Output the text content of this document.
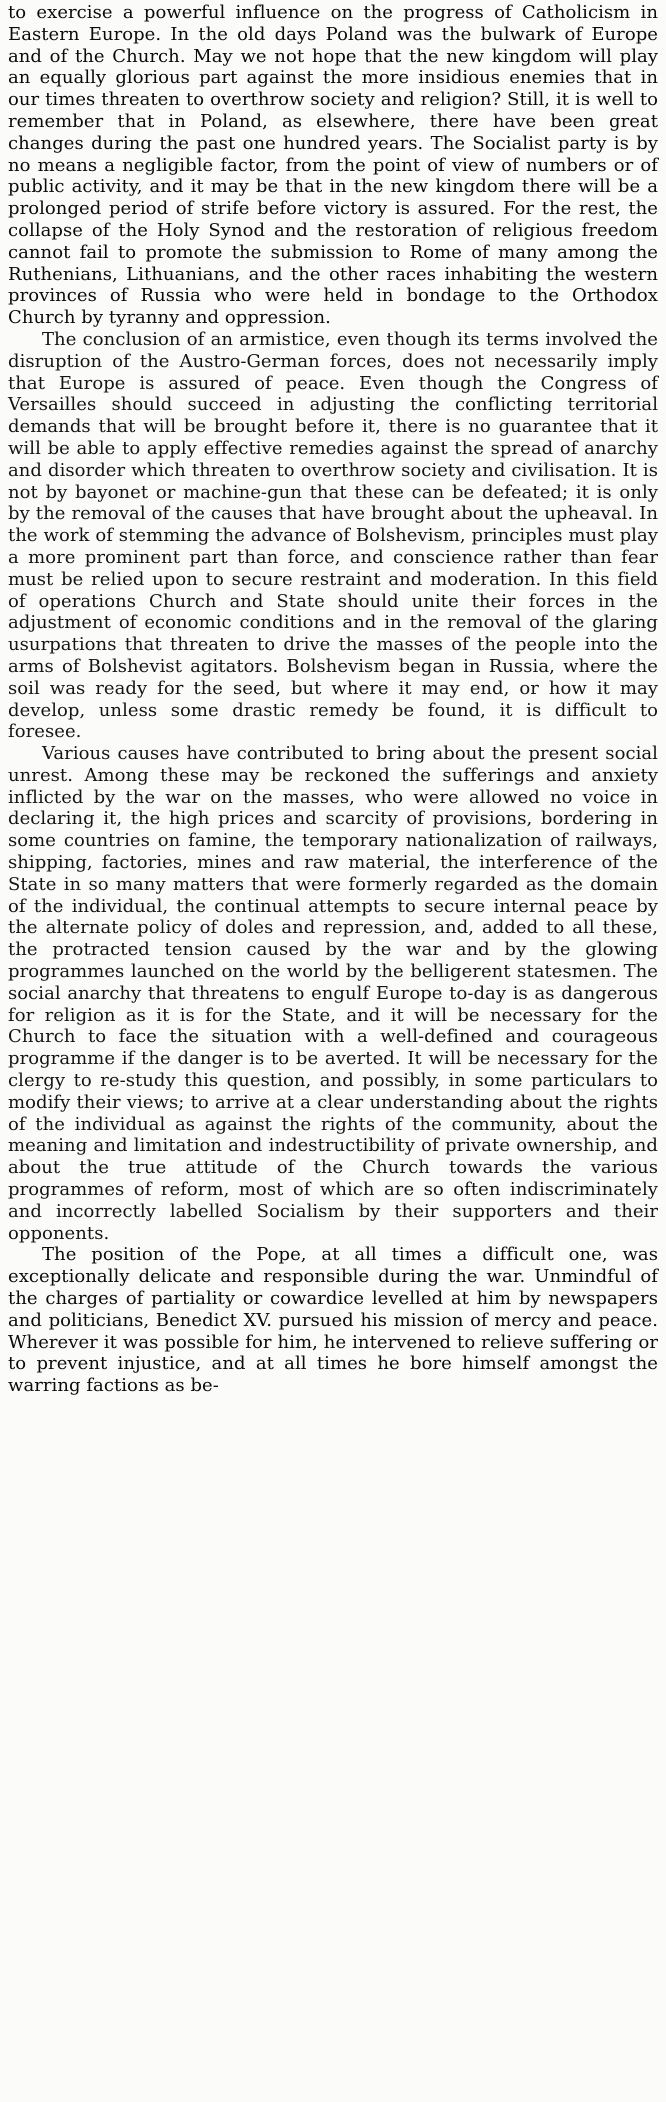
to exercise a powerful influence on the progress of Catholicism in Eastern Europe. In the old days Poland was the bulwark of Europe and of the Church. May we not hope that the new kingdom will play an equally glorious part against the more insidious enemies that in our times threaten to overthrow society and religion? Still, it is well to remember that in Poland, as elsewhere, there have been great changes during the past one hundred years. The Socialist party is by no means a negligible factor, from the point of view of numbers or of public activity, and it may be that in the new kingdom there will be a prolonged period of strife before victory is assured. For the rest, the collapse of the Holy Synod and the restoration of religious freedom cannot fail to promote the submission to Rome of many among the Ruthenians, Lithuanians, and the other races inhabiting the western provinces of Russia who were held in bondage to the Orthodox Church by tyranny and oppression.

The conclusion of an armistice, even though its terms involved the disruption of the Austro-German forces, does not necessarily imply that Europe is assured of peace. Even though the Congress of Versailles should succeed in adjusting the conflicting territorial demands that will be brought before it, there is no guarantee that it will be able to apply effective remedies against the spread of anarchy and disorder which threaten to overthrow society and civilisation. It is not by bayonet or machine-gun that these can be defeated; it is only by the removal of the causes that have brought about the upheaval. In the work of stemming the advance of Bolshevism, principles must play a more prominent part than force, and conscience rather than fear must be relied upon to secure restraint and moderation. In this field of operations Church and State should unite their forces in the adjustment of economic conditions and in the removal of the glaring usurpations that threaten to drive the masses of the people into the arms of Bolshevist agitators. Bolshevism began in Russia, where the soil was ready for the seed, but where it may end, or how it may develop, unless some drastic remedy be found, it is difficult to foresee.

Various causes have contributed to bring about the present social unrest. Among these may be reckoned the sufferings and anxiety inflicted by the war on the masses, who were allowed no voice in declaring it, the high prices and scarcity of provisions, bordering in some countries on famine, the temporary nationalization of railways, shipping, factories, mines and raw material, the interference of the State in so many matters that were formerly regarded as the domain of the individual, the continual attempts to secure internal peace by the alternate policy of doles and repression, and, added to all these, the protracted tension caused by the war and by the glowing programmes launched on the world by the belligerent statesmen. The social anarchy that threatens to engulf Europe to-day is as dangerous for religion as it is for the State, and it will be necessary for the Church to face the situation with a well-defined and courageous programme if the danger is to be averted. It will be necessary for the clergy to re-study this question, and possibly, in some particulars to modify their views; to arrive at a clear understanding about the rights of the individual as against the rights of the community, about the meaning and limitation and indestructibility of private ownership, and about the true attitude of the Church towards the various programmes of reform, most of which are so often indiscriminately and incorrectly labelled Socialism by their supporters and their opponents.

The position of the Pope, at all times a difficult one, was exceptionally delicate and responsible during the war. Unmindful of the charges of partiality or cowardice levelled at him by newspapers and politicians, Benedict XV. pursued his mission of mercy and peace. Wherever it was possible for him, he intervened to relieve suffering or to prevent injustice, and at all times he bore himself amongst the warring factions as be-
